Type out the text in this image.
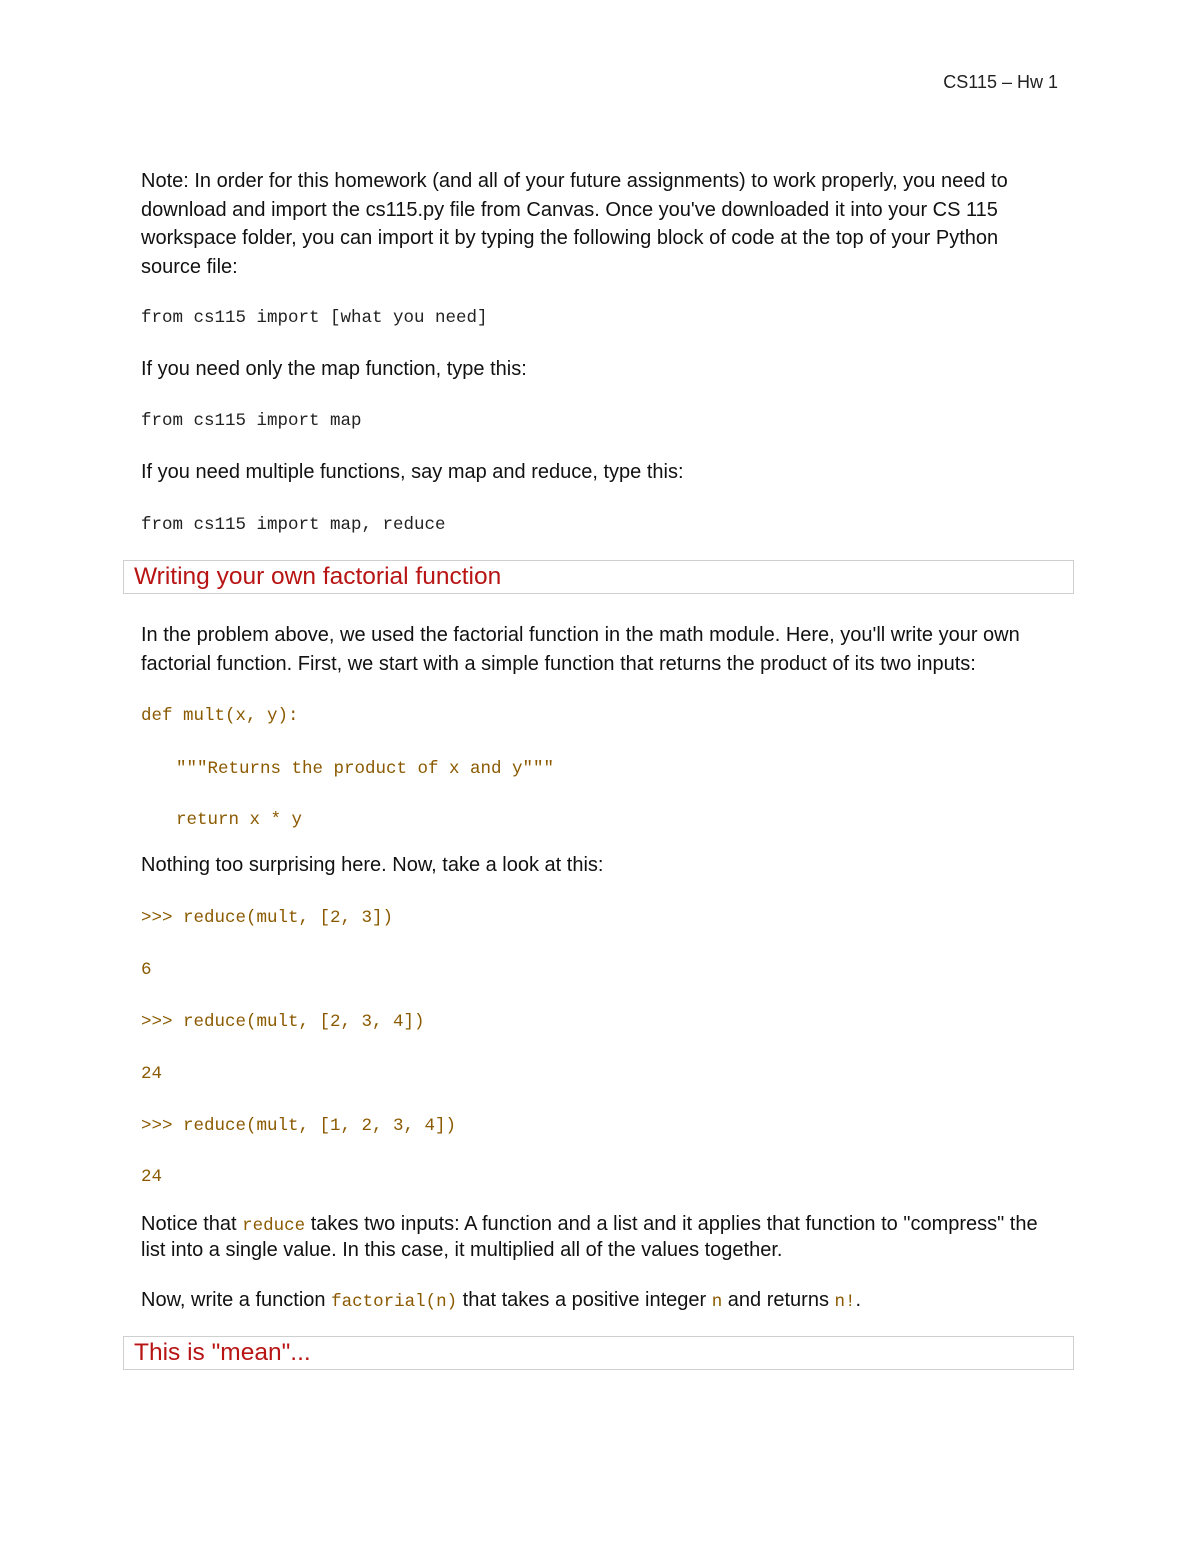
CS115 – Hw 1

Note: In order for this homework (and all of your future assignments) to work properly, you need to download and import the cs115.py file from Canvas. Once you've downloaded it into your CS 115 workspace folder, you can import it by typing the following block of code at the top of your Python source file:

from cs115 import [what you need]

If you need only the map function, type this:

from cs115 import map

If you need multiple functions, say map and reduce, type this:

from cs115 import map, reduce
Writing your own factorial function

In the problem above, we used the factorial function in the math module. Here, you'll write your own factorial function. First, we start with a simple function that returns the product of its two inputs:

def mult(x, y):
"""Returns the product of x and y"""
return x * y

Nothing too surprising here. Now, take a look at this:

>>> reduce(mult, [2, 3])
6
>>> reduce(mult, [2, 3, 4])
24
>>> reduce(mult, [1, 2, 3, 4])
24

Notice that reduce takes two inputs: A function and a list and it applies that function to "compress" the list into a single value. In this case, it multiplied all of the values together.

Now, write a function factorial(n) that takes a positive integer n and returns n!.

This is "mean"...
